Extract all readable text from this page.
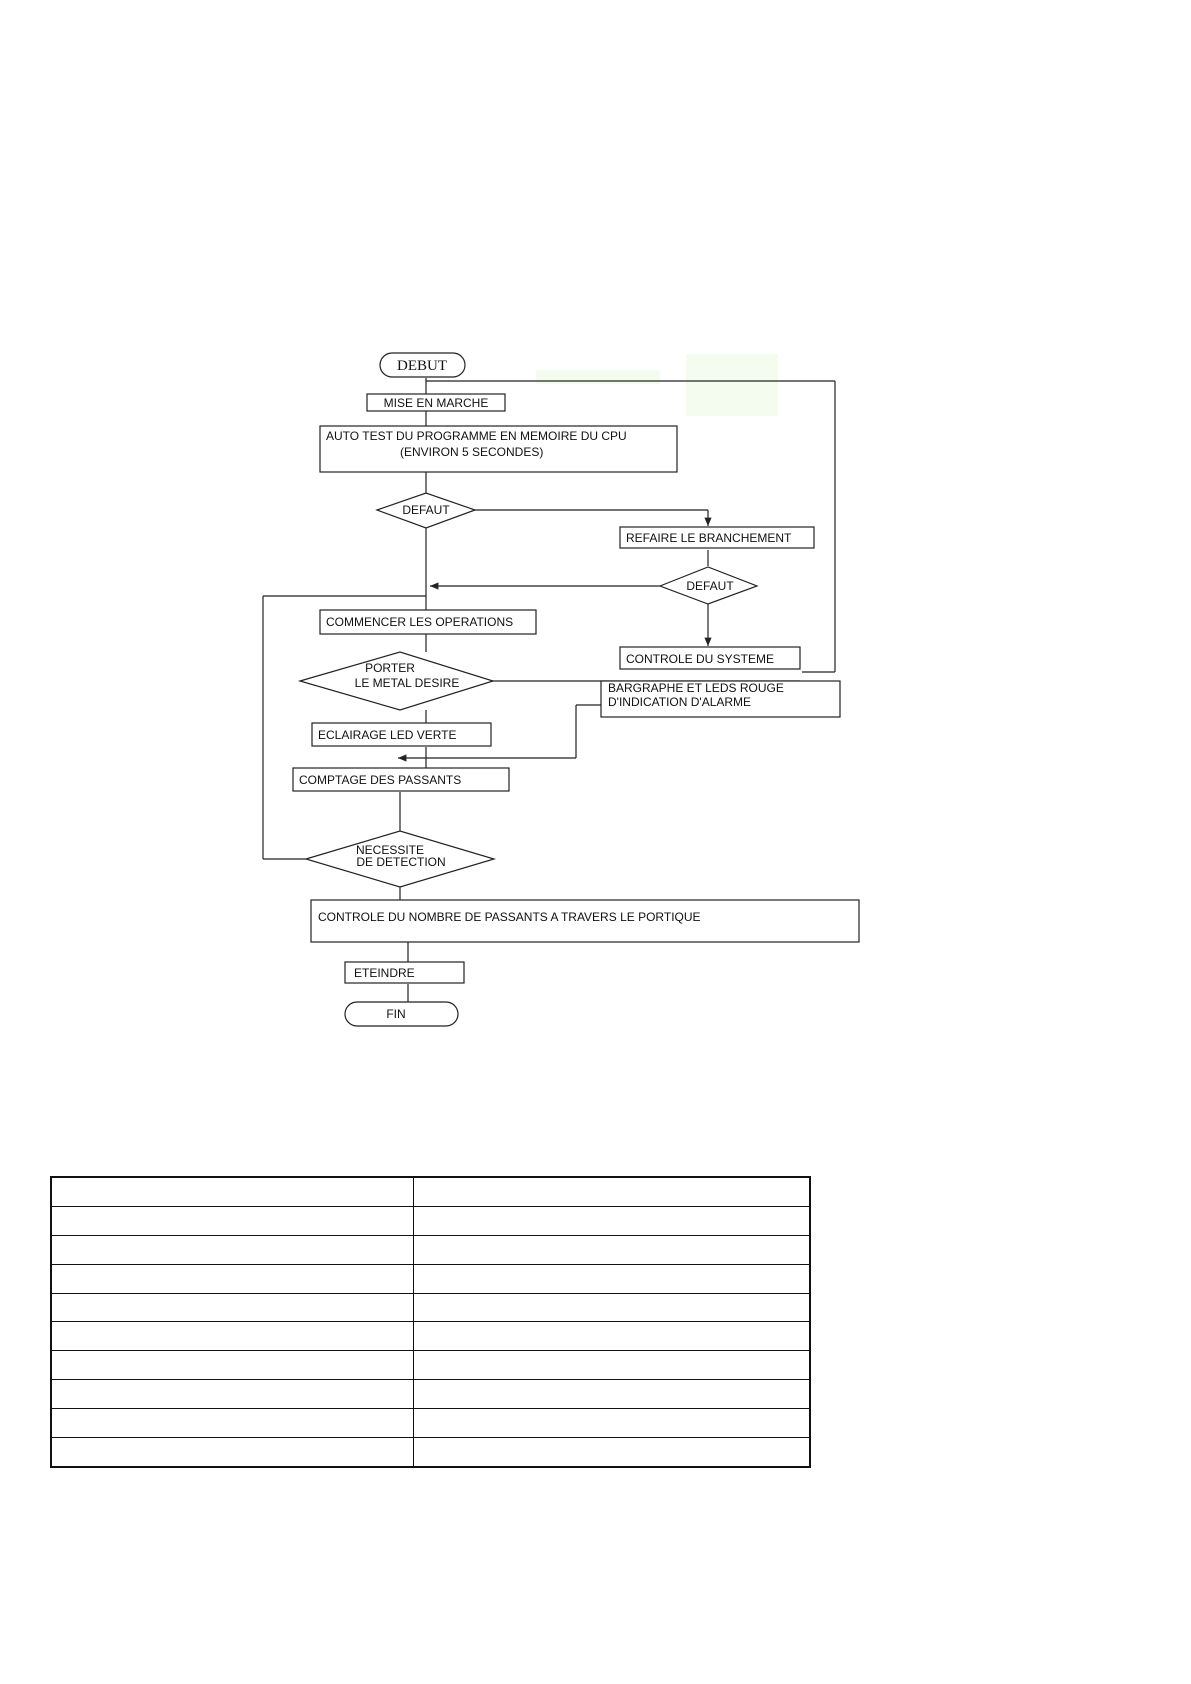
DEBUT
MISE EN MARCHE
AUTO TEST DU PROGRAMME EN MEMOIRE DU CPU
(ENVIRON 5 SECONDES)
DEFAUT
REFAIRE LE BRANCHEMENT
DEFAUT
COMMENCER LES OPERATIONS
CONTROLE DU SYSTEME
PORTER
LE METAL DESIRE	BARGRAPHE ET LEDS ROUGE
D'INDICATION D'ALARME
ECLAIRAGE LED VERTE
COMPTAGE DES PASSANTS
NECESSITE
DE DETECTION
CONTROLE DU NOMBRE DE PASSANTS A TRAVERS LE PORTIQUE
ETEINDRE
FIN
